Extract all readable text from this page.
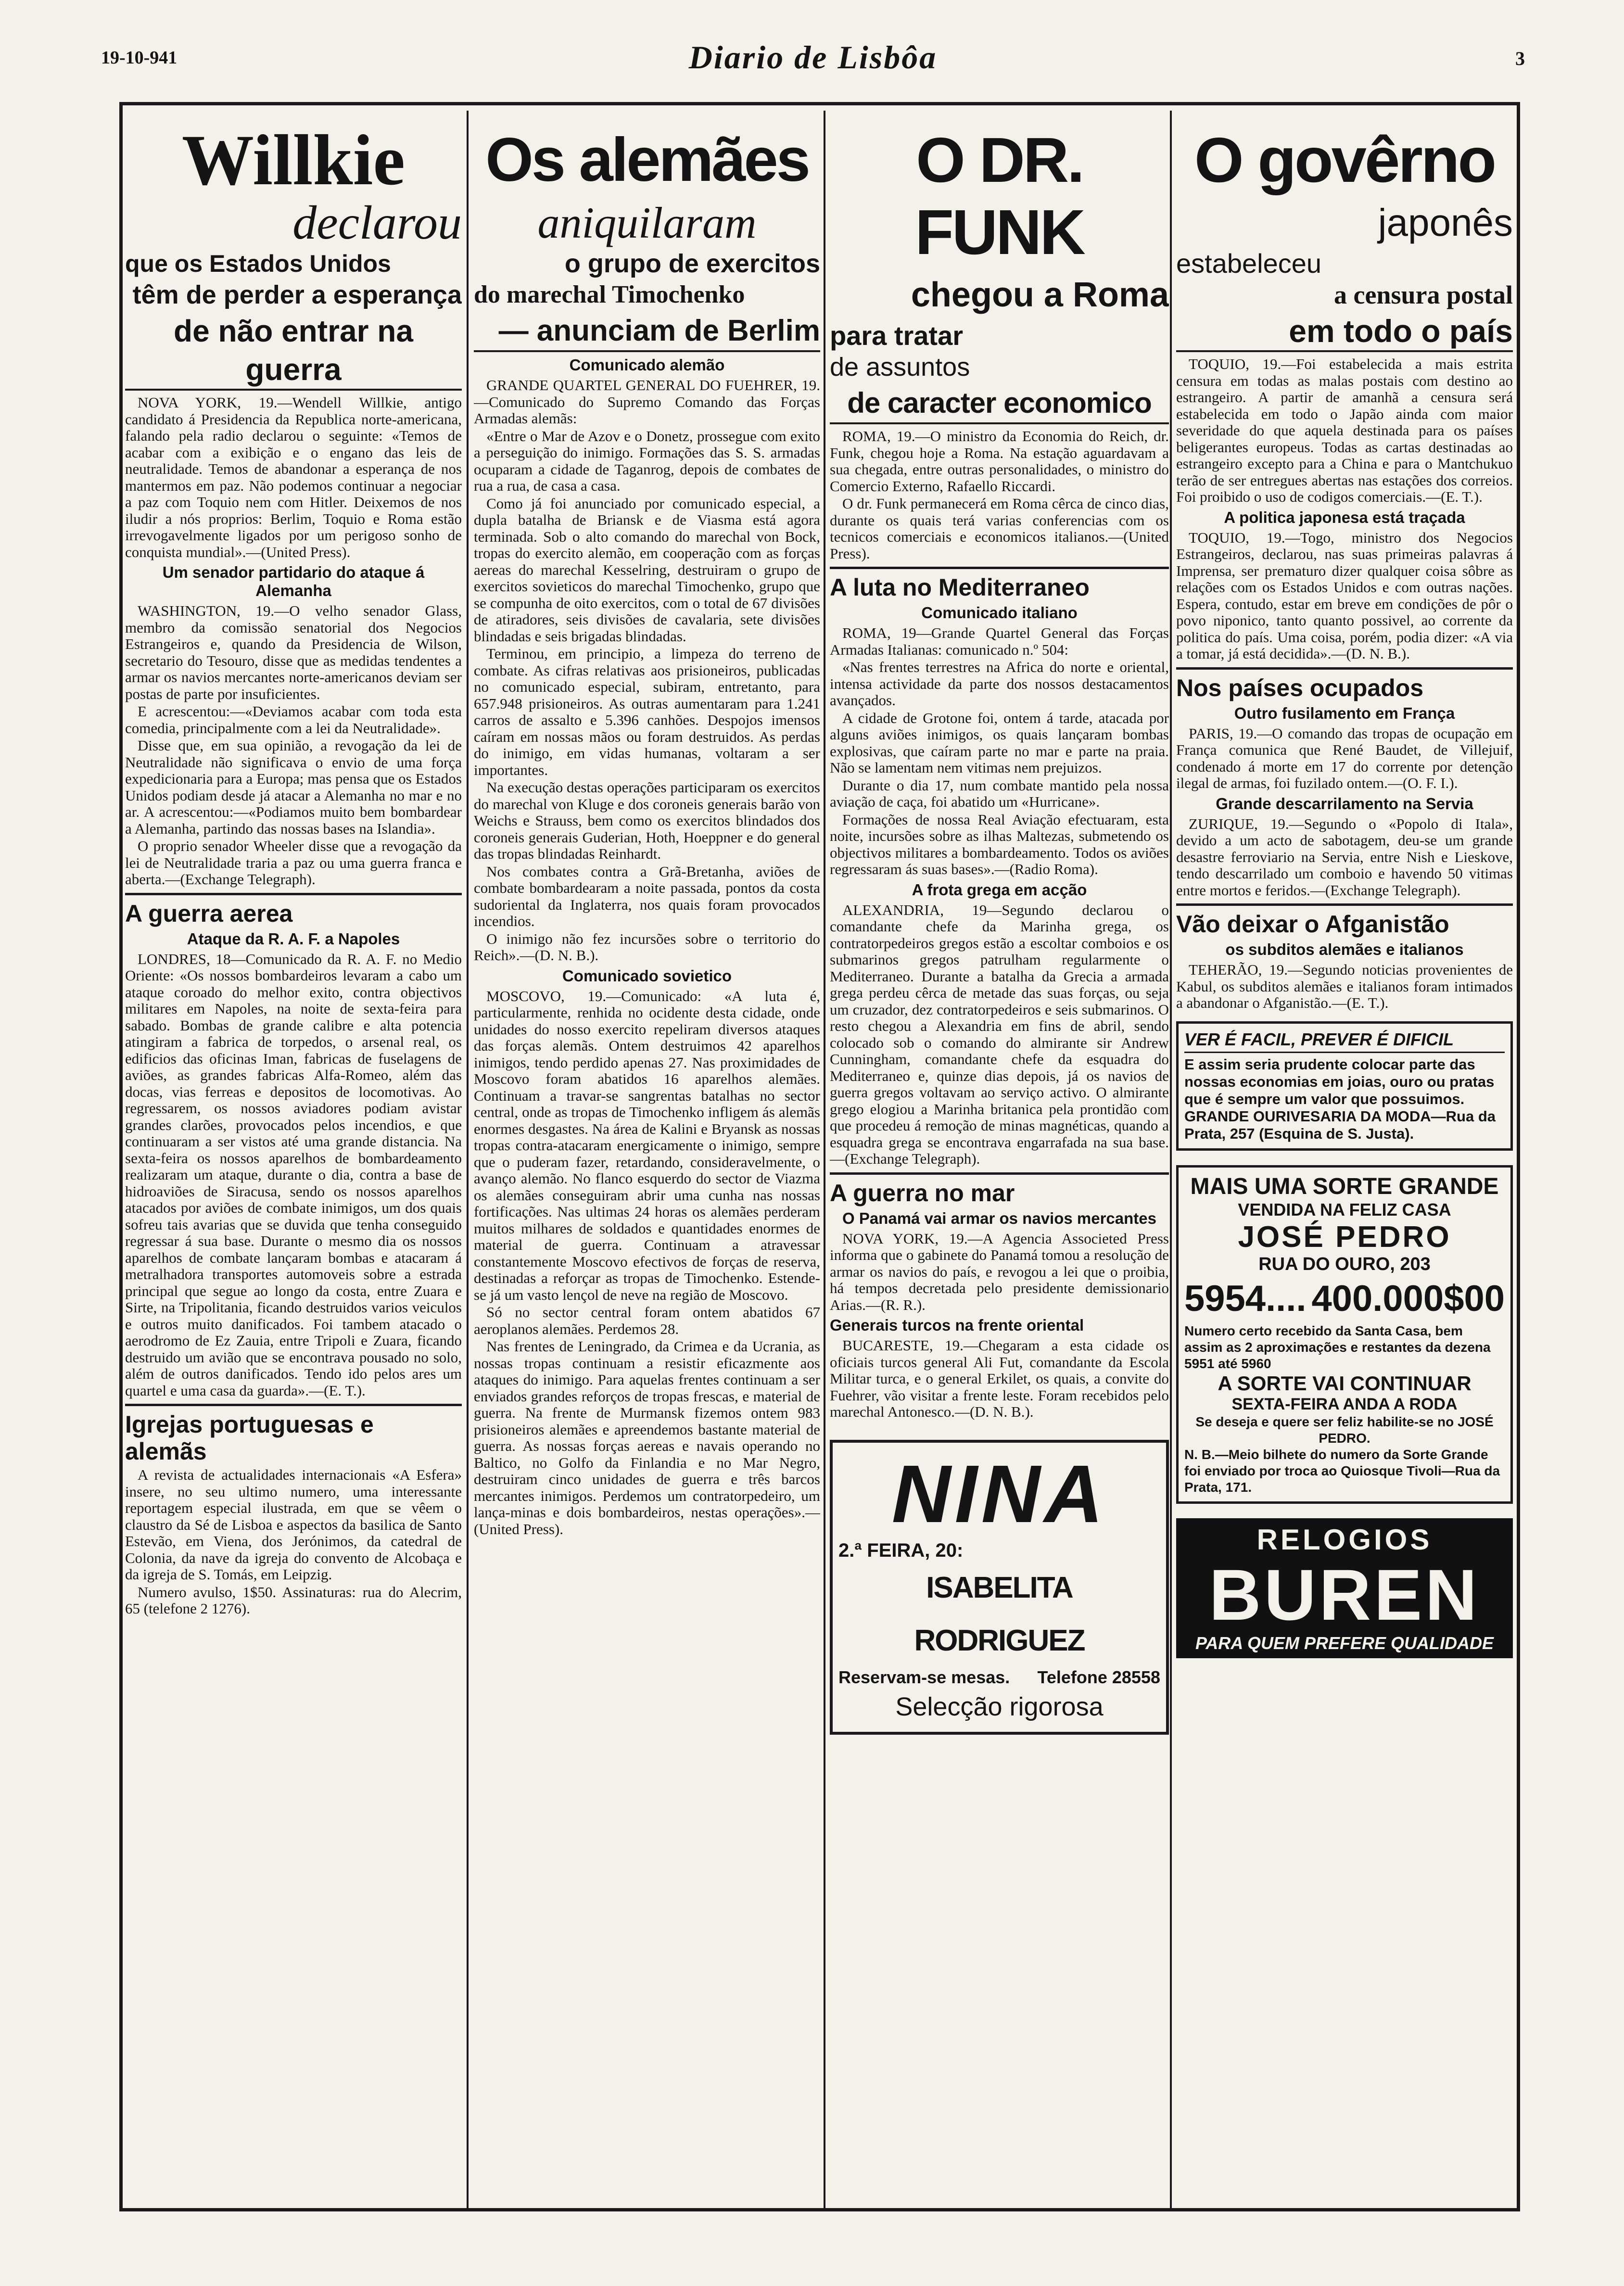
19-10-941	Diario de Lisbôa	3
Willkie
declarou
que os Estados Unidos
têm de perder a esperança
de não entrar na guerra

NOVA YORK, 19.—Wendell Willkie, antigo candidato á Presidencia da Republica norte-americana, falando pela radio declarou o seguinte: «Temos de acabar com a exibição e o engano das leis de neutralidade. Temos de abandonar a esperança de nos mantermos em paz. Não podemos continuar a negociar a paz com Toquio nem com Hitler. Deixemos de nos iludir a nós proprios: Berlim, Toquio e Roma estão irrevogavelmente ligados por um perigoso sonho de conquista mundial».—(United Press).

Um senador partidario do ataque á Alemanha

WASHINGTON, 19.—O velho senador Glass, membro da comissão senatorial dos Negocios Estrangeiros e, quando da Presidencia de Wilson, secretario do Tesouro, disse que as medidas tendentes a armar os navios mercantes norte-americanos deviam ser postas de parte por insuficientes.

E acrescentou:—«Deviamos acabar com toda esta comedia, principalmente com a lei da Neutralidade».

Disse que, em sua opinião, a revogação da lei de Neutralidade não significava o envio de uma força expedicionaria para a Europa; mas pensa que os Estados Unidos podiam desde já atacar a Alemanha no mar e no ar. A acrescentou:—«Podiamos muito bem bombardear a Alemanha, partindo das nossas bases na Islandia».

O proprio senador Wheeler disse que a revogação da lei de Neutralidade traria a paz ou uma guerra franca e aberta.—(Exchange Telegraph).

A guerra aerea
Ataque da R. A. F. a Napoles

LONDRES, 18—Comunicado da R. A. F. no Medio Oriente: «Os nossos bombardeiros levaram a cabo um ataque coroado do melhor exito, contra objectivos militares em Napoles, na noite de sexta-feira para sabado. Bombas de grande calibre e alta potencia atingiram a fabrica de torpedos, o arsenal real, os edificios das oficinas Iman, fabricas de fuselagens de aviões, as grandes fabricas Alfa-Romeo, além das docas, vias ferreas e depositos de locomotivas. Ao regressarem, os nossos aviadores podiam avistar grandes clarões, provocados pelos incendios, e que continuaram a ser vistos até uma grande distancia. Na sexta-feira os nossos aparelhos de bombardeamento realizaram um ataque, durante o dia, contra a base de hidroaviões de Siracusa, sendo os nossos aparelhos atacados por aviões de combate inimigos, um dos quais sofreu tais avarias que se duvida que tenha conseguido regressar á sua base. Durante o mesmo dia os nossos aparelhos de combate lançaram bombas e atacaram á metralhadora transportes automoveis sobre a estrada principal que segue ao longo da costa, entre Zuara e Sirte, na Tripolitania, ficando destruidos varios veiculos e outros muito danificados. Foi tambem atacado o aerodromo de Ez Zauia, entre Tripoli e Zuara, ficando destruido um avião que se encontrava pousado no solo, além de outros danificados. Tendo ido pelos ares um quartel e uma casa da guarda».—(E. T.).

Igrejas portuguesas e alemãs

A revista de actualidades internacionais «A Esfera» insere, no seu ultimo numero, uma interessante reportagem especial ilustrada, em que se vêem o claustro da Sé de Lisboa e aspectos da basilica de Santo Estevão, em Viena, dos Jerónimos, da catedral de Colonia, da nave da igreja do convento de Alcobaça e da igreja de S. Tomás, em Leipzig.

Numero avulso, 1$50. Assinaturas: rua do Alecrim, 65 (telefone 2 1276).

Os alemães
aniquilaram
o grupo de exercitos
do marechal Timochenko
— anunciam de Berlim
Comunicado alemão

GRANDE QUARTEL GENERAL DO FUEHRER, 19.—Comunicado do Supremo Comando das Forças Armadas alemãs:

«Entre o Mar de Azov e o Donetz, prossegue com exito a perseguição do inimigo. Formações das S. S. armadas ocuparam a cidade de Taganrog, depois de combates de rua a rua, de casa a casa.

Como já foi anunciado por comunicado especial, a dupla batalha de Briansk e de Viasma está agora terminada. Sob o alto comando do marechal von Bock, tropas do exercito alemão, em cooperação com as forças aereas do marechal Kesselring, destruiram o grupo de exercitos sovieticos do marechal Timochenko, grupo que se compunha de oito exercitos, com o total de 67 divisões de atiradores, seis divisões de cavalaria, sete divisões blindadas e seis brigadas blindadas.

Terminou, em principio, a limpeza do terreno de combate. As cifras relativas aos prisioneiros, publicadas no comunicado especial, subiram, entretanto, para 657.948 prisioneiros. As outras aumentaram para 1.241 carros de assalto e 5.396 canhões. Despojos imensos caíram em nossas mãos ou foram destruidos. As perdas do inimigo, em vidas humanas, voltaram a ser importantes.

Na execução destas operações participaram os exercitos do marechal von Kluge e dos coroneis generais barão von Weichs e Strauss, bem como os exercitos blindados dos coroneis generais Guderian, Hoth, Hoeppner e do general das tropas blindadas Reinhardt.

Nos combates contra a Grã-Bretanha, aviões de combate bombardearam a noite passada, pontos da costa sudoriental da Inglaterra, nos quais foram provocados incendios.

O inimigo não fez incursões sobre o territorio do Reich».—(D. N. B.).

Comunicado sovietico

MOSCOVO, 19.—Comunicado: «A luta é, particularmente, renhida no ocidente desta cidade, onde unidades do nosso exercito repeliram diversos ataques das forças alemãs. Ontem destruimos 42 aparelhos inimigos, tendo perdido apenas 27. Nas proximidades de Moscovo foram abatidos 16 aparelhos alemães. Continuam a travar-se sangrentas batalhas no sector central, onde as tropas de Timochenko infligem ás alemãs enormes desgastes. Na área de Kalini e Bryansk as nossas tropas contra-atacaram energicamente o inimigo, sempre que o puderam fazer, retardando, consideravelmente, o avanço alemão. No flanco esquerdo do sector de Viazma os alemães conseguiram abrir uma cunha nas nossas fortificações. Nas ultimas 24 horas os alemães perderam muitos milhares de soldados e quantidades enormes de material de guerra. Continuam a atravessar constantemente Moscovo efectivos de forças de reserva, destinadas a reforçar as tropas de Timochenko. Estende-se já um vasto lençol de neve na região de Moscovo.

Só no sector central foram ontem abatidos 67 aeroplanos alemães. Perdemos 28.

Nas frentes de Leningrado, da Crimea e da Ucrania, as nossas tropas continuam a resistir eficazmente aos ataques do inimigo. Para aquelas frentes continuam a ser enviados grandes reforços de tropas frescas, e material de guerra. Na frente de Murmansk fizemos ontem 983 prisioneiros alemães e apreendemos bastante material de guerra. As nossas forças aereas e navais operando no Baltico, no Golfo da Finlandia e no Mar Negro, destruiram cinco unidades de guerra e três barcos mercantes inimigos. Perdemos um contratorpedeiro, um lança-minas e dois bombardeiros, nestas operações».—(United Press).

O DR. FUNK
chegou a Roma
para tratar
de assuntos
de caracter economico

ROMA, 19.—O ministro da Economia do Reich, dr. Funk, chegou hoje a Roma. Na estação aguardavam a sua chegada, entre outras personalidades, o ministro do Comercio Externo, Rafaello Riccardi.

O dr. Funk permanecerá em Roma cêrca de cinco dias, durante os quais terá varias conferencias com os tecnicos comerciais e economicos italianos.—(United Press).

A luta no Mediterraneo
Comunicado italiano

ROMA, 19—Grande Quartel General das Forças Armadas Italianas: comunicado n.º 504:

«Nas frentes terrestres na Africa do norte e oriental, intensa actividade da parte dos nossos destacamentos avançados.

A cidade de Grotone foi, ontem á tarde, atacada por alguns aviões inimigos, os quais lançaram bombas explosivas, que caíram parte no mar e parte na praia. Não se lamentam nem vitimas nem prejuizos.

Durante o dia 17, num combate mantido pela nossa aviação de caça, foi abatido um «Hurricane».

Formações de nossa Real Aviação efectuaram, esta noite, incursões sobre as ilhas Maltezas, submetendo os objectivos militares a bombardeamento. Todos os aviões regressaram ás suas bases».—(Radio Roma).

A frota grega em acção

ALEXANDRIA, 19—Segundo declarou o comandante chefe da Marinha grega, os contratorpedeiros gregos estão a escoltar comboios e os submarinos gregos patrulham regularmente o Mediterraneo. Durante a batalha da Grecia a armada grega perdeu cêrca de metade das suas forças, ou seja um cruzador, dez contratorpedeiros e seis submarinos. O resto chegou a Alexandria em fins de abril, sendo colocado sob o comando do almirante sir Andrew Cunningham, comandante chefe da esquadra do Mediterraneo e, quinze dias depois, já os navios de guerra gregos voltavam ao serviço activo. O almirante grego elogiou a Marinha britanica pela prontidão com que procedeu á remoção de minas magnéticas, quando a esquadra grega se encontrava engarrafada na sua base.—(Exchange Telegraph).

A guerra no mar
O Panamá vai armar os navios mercantes

NOVA YORK, 19.—A Agencia Associeted Press informa que o gabinete do Panamá tomou a resolução de armar os navios do país, e revogou a lei que o proibia, há tempos decretada pelo presidente demissionario Arias.—(R. R.).

Generais turcos na frente oriental

BUCARESTE, 19.—Chegaram a esta cidade os oficiais turcos general Ali Fut, comandante da Escola Militar turca, e o general Erkilet, os quais, a convite do Fuehrer, vão visitar a frente leste. Foram recebidos pelo marechal Antonesco.—(D. N. B.).

NINA
2.ª FEIRA, 20:
ISABELITA RODRIGUEZ
Reservam-se mesas. Telefone 28558
Selecção rigorosa
O govêrno
japonês
estabeleceu
a censura postal
em todo o país

TOQUIO, 19.—Foi estabelecida a mais estrita censura em todas as malas postais com destino ao estrangeiro. A partir de amanhã a censura será estabelecida em todo o Japão ainda com maior severidade do que aquela destinada para os países beligerantes europeus. Todas as cartas destinadas ao estrangeiro excepto para a China e para o Mantchukuo terão de ser entregues abertas nas estações dos correios. Foi proibido o uso de codigos comerciais.—(E. T.).

A politica japonesa está traçada

TOQUIO, 19.—Togo, ministro dos Negocios Estrangeiros, declarou, nas suas primeiras palavras á Imprensa, ser prematuro dizer qualquer coisa sôbre as relações com os Estados Unidos e com outras nações. Espera, contudo, estar em breve em condições de pôr o povo niponico, tanto quanto possivel, ao corrente da politica do país. Uma coisa, porém, podia dizer: «A via a tomar, já está decidida».—(D. N. B.).

Nos países ocupados
Outro fusilamento em França

PARIS, 19.—O comando das tropas de ocupação em França comunica que René Baudet, de Villejuif, condenado á morte em 17 do corrente por detenção ilegal de armas, foi fuzilado ontem.—(O. F. I.).

Grande descarrilamento na Servia

ZURIQUE, 19.—Segundo o «Popolo di Itala», devido a um acto de sabotagem, deu-se um grande desastre ferroviario na Servia, entre Nish e Lieskove, tendo descarrilado um comboio e havendo 50 vitimas entre mortos e feridos.—(Exchange Telegraph).

Vão deixar o Afganistão
os subditos alemães e italianos

TEHERÃO, 19.—Segundo noticias provenientes de Kabul, os subditos alemães e italianos foram intimados a abandonar o Afganistão.—(E. T.).

VER É FACIL, PREVER É DIFICIL
E assim seria prudente colocar parte das nossas economias em joias, ouro ou pratas que é sempre um valor que possuimos.
GRANDE OURIVESARIA DA MODA—Rua da Prata, 257 (Esquina de S. Justa).
MAIS UMA SORTE GRANDE
VENDIDA NA FELIZ CASA
JOSÉ PEDRO
RUA DO OURO, 203
5954.... 400.000$00
Numero certo recebido da Santa Casa, bem assim as 2 aproximações e restantes da dezena 5951 até 5960
A SORTE VAI CONTINUAR
SEXTA-FEIRA ANDA A RODA
Se deseja e quere ser feliz habilite-se no JOSÉ PEDRO.
N. B.—Meio bilhete do numero da Sorte Grande foi enviado por troca ao Quiosque Tivoli—Rua da Prata, 171.
RELOGIOS
BUREN
PARA QUEM PREFERE QUALIDADE
